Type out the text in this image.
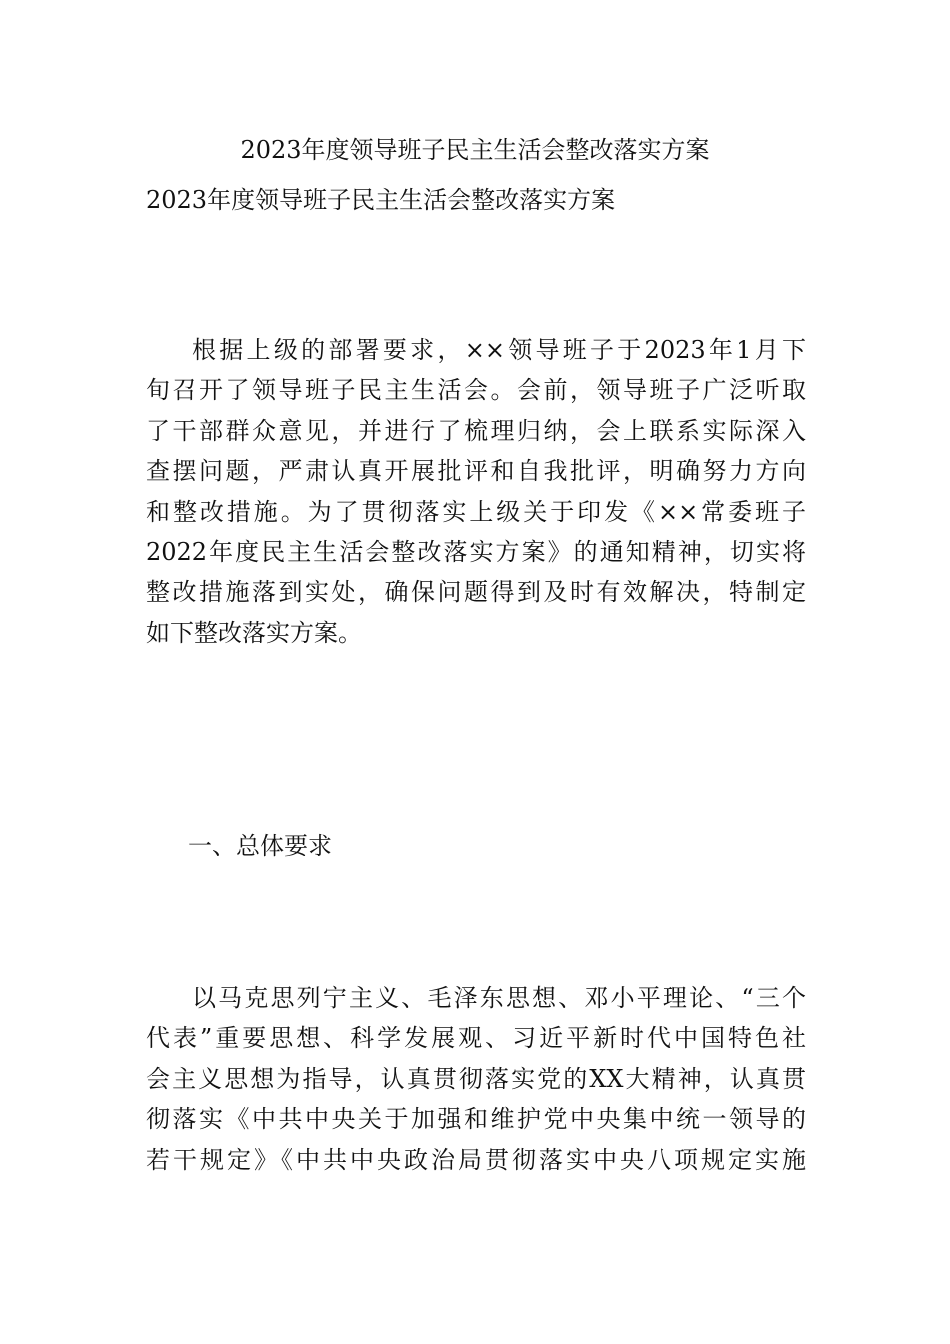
2023年度领导班子民主生活会整改落实方案
2023年度领导班子民主生活会整改落实方案
根据上级的部署要求，××领导班子于2023年1月下
旬召开了领导班子民主生活会。会前，领导班子广泛听取
了干部群众意见，并进行了梳理归纳，会上联系实际深入
查摆问题，严肃认真开展批评和自我批评，明确努力方向
和整改措施。为了贯彻落实上级关于印发《××常委班子
2022年度民主生活会整改落实方案》的通知精神，切实将
整改措施落到实处，确保问题得到及时有效解决，特制定
如下整改落实方案。
一、总体要求
以马克思列宁主义、毛泽东思想、邓小平理论、“三个
代表”重要思想、科学发展观、习近平新时代中国特色社
会主义思想为指导，认真贯彻落实党的XX大精神，认真贯
彻落实《中共中央关于加强和维护党中央集中统一领导的
若干规定》《中共中央政治局贯彻落实中央八项规定实施
